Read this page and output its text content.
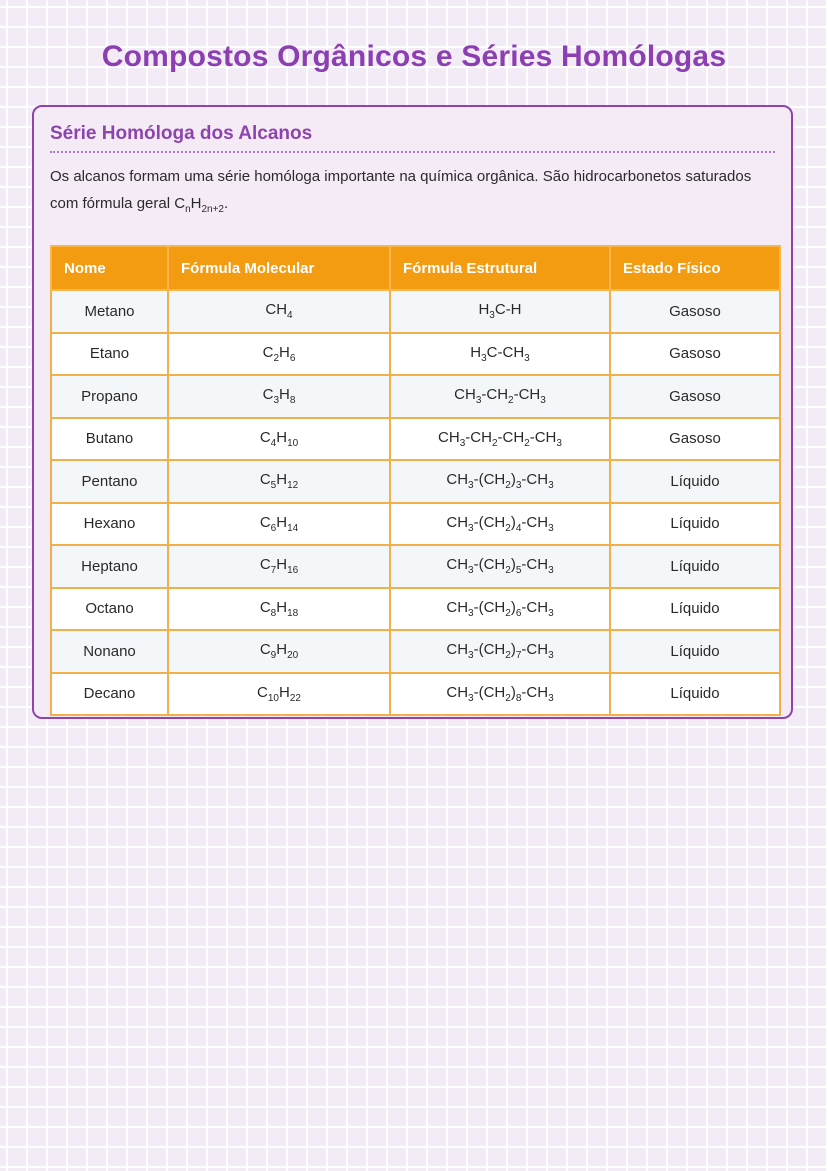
Compostos Orgânicos e Séries Homólogas
Série Homóloga dos Alcanos

Os alcanos formam uma série homóloga importante na química orgânica. São hidrocarbonetos saturados com fórmula geral $C_nH_{2n+2}$.

Nome	Fórmula Molecular	Fórmula Estrutural	Estado Físico
Metano	$CH_4$	$H_3C-H$	Gasoso
Etano	$C_2H_6$	$H_3C-CH_3$	Gasoso
Propano	$C_3H_8$	$CH_3-CH_2-CH_3$	Gasoso
Butano	$C_4H_{10}$	$CH_3-CH_2-CH_2-CH_3$	Gasoso
Pentano	$C_5H_{12}$	$CH_3-(CH_2)_3-CH_3$	Líquido
Hexano	$C_6H_{14}$	$CH_3-(CH_2)_4-CH_3$	Líquido
Heptano	$C_7H_{16}$	$CH_3-(CH_2)_5-CH_3$	Líquido
Octano	$C_8H_{18}$	$CH_3-(CH_2)_6-CH_3$	Líquido
Nonano	$C_9H_{20}$	$CH_3-(CH_2)_7-CH_3$	Líquido
Decano	$C_{10}H_{22}$	$CH_3-(CH_2)_8-CH_3$	Líquido
